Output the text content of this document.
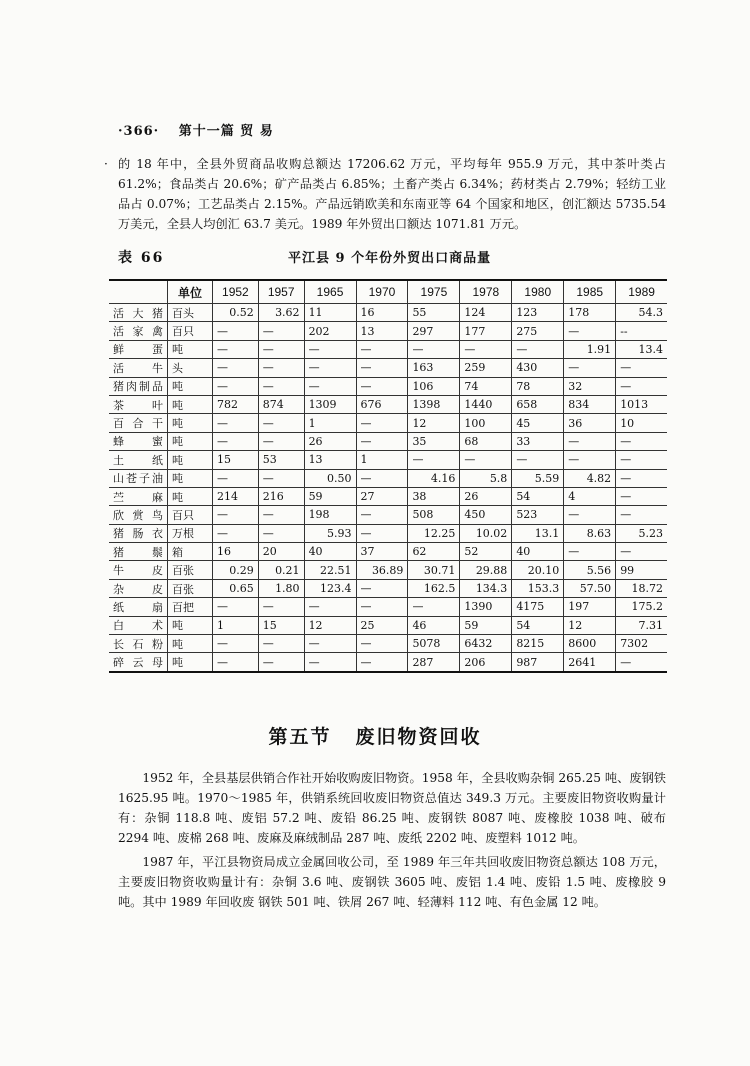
·366· 第十一篇 贸 易
· 的 18 年中，全县外贸商品收购总额达 17206.62 万元，平均每年 955.9 万元，其中茶叶类占 61.2%；食品类占 20.6%；矿产品类占 6.85%；土畜产类占 6.34%；药材类占 2.79%；轻纺工业品占 0.07%；工艺品类占 2.15%。产品远销欧美和东南亚等 64 个国家和地区，创汇额达 5735.54 万美元，全县人均创汇 63.7 美元。1989 年外贸出口额达 1071.81 万元。
表 66	平江县 9 个年份外贸出口商品量
	单位	1952	1957	1965	1970	1975	1978	1980	1985	1989
活大猪	百头	0.52	3.62	11	16	55	124	123	178	54.3
活家禽	百只	—	—	202	13	297	177	275	—	--
鲜蛋	吨	—	—	—	—	—	—	—	1.91	13.4
活牛	头	—	—	—	—	163	259	430	—	—
猪肉制品	吨	—	—	—	—	106	74	78	32	—
茶叶	吨	782	874	1309	676	1398	1440	658	834	1013
百合干	吨	—	—	1	—	12	100	45	36	10
蜂蜜	吨	—	—	26	—	35	68	33	—	—
土纸	吨	15	53	13	1	—	—	—	—	—
山苍子油	吨	—	—	0.50	—	4.16	5.8	5.59	4.82	—
苎麻	吨	214	216	59	27	38	26	54	4	—
欣赏鸟	百只	—	—	198	—	508	450	523	—	—
猪肠衣	万根	—	—	5.93	—	12.25	10.02	13.1	8.63	5.23
猪鬃	箱	16	20	40	37	62	52	40	—	—
牛皮	百张	0.29	0.21	22.51	36.89	30.71	29.88	20.10	5.56	99
杂皮	百张	0.65	1.80	123.4	—	162.5	134.3	153.3	57.50	18.72
纸扇	百把	—	—	—	—	—	1390	4175	197	175.2
白术	吨	1	15	12	25	46	59	54	12	7.31
长石粉	吨	—	—	—	—	5078	6432	8215	8600	7302
碎云母	吨	—	—	—	—	287	206	987	2641	—
第五节 废旧物资回收
1952 年，全县基层供销合作社开始收购废旧物资。1958 年，全县收购杂铜 265.25 吨、废钢铁 1625.95 吨。1970～1985 年，供销系统回收废旧物资总值达 349.3 万元。主要废旧物资收购量计有：杂铜 118.8 吨、废铝 57.2 吨、废铅 86.25 吨、废钢铁 8087 吨、废橡胶 1038 吨、破布 2294 吨、废棉 268 吨、废麻及麻绒制品 287 吨、废纸 2202 吨、废塑料 1012 吨。
1987 年，平江县物资局成立金属回收公司，至 1989 年三年共回收废旧物资总额达 108 万元，主要废旧物资收购量计有：杂铜 3.6 吨、废钢铁 3605 吨、废铝 1.4 吨、废铅 1.5 吨、废橡胶 9 吨。其中 1989 年回收废 钢铁 501 吨、铁屑 267 吨、轻薄料 112 吨、有色金属 12 吨。
